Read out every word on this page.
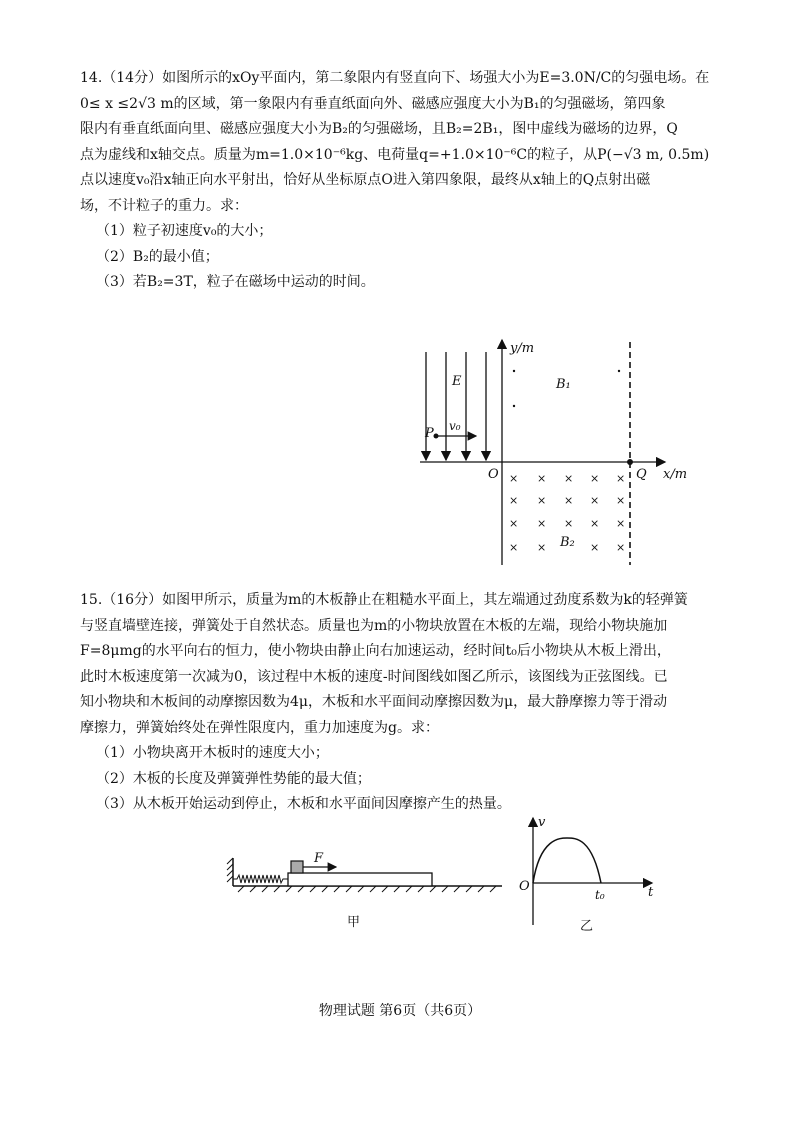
14.（14分）如图所示的xOy平面内，第二象限内有竖直向下、场强大小为E=3.0N/C的匀强电场。在
0≤ x ≤2√3 m的区域，第一象限内有垂直纸面向外、磁感应强度大小为B₁的匀强磁场，第四象
限内有垂直纸面向里、磁感应强度大小为B₂的匀强磁场，且B₂=2B₁，图中虚线为磁场的边界，Q
点为虚线和x轴交点。质量为m=1.0×10⁻⁶kg、电荷量q=+1.0×10⁻⁶C的粒子，从P(−√3 m, 0.5m)
点以速度v₀沿x轴正向水平射出，恰好从坐标原点O进入第四象限，最终从x轴上的Q点射出磁
场，不计粒子的重力。求：
（1）粒子初速度v₀的大小；
（2）B₂的最小值；
（3）若B₂=3T，粒子在磁场中运动的时间。
y/m
x/m
E
P v₀
O	Q
B₁
B₂
× × × × ×
× × × × ×
× × × × ×
× ×	× ×
15.（16分）如图甲所示，质量为m的木板静止在粗糙水平面上，其左端通过劲度系数为k的轻弹簧
与竖直墙壁连接，弹簧处于自然状态。质量也为m的小物块放置在木板的左端，现给小物块施加
F=8μmg的水平向右的恒力，使小物块由静止向右加速运动，经时间t₀后小物块从木板上滑出，
此时木板速度第一次减为0，该过程中木板的速度-时间图线如图乙所示，该图线为正弦图线。已
知小物块和木板间的动摩擦因数为4μ，木板和水平面间动摩擦因数为μ，最大静摩擦力等于滑动
摩擦力，弹簧始终处在弹性限度内，重力加速度为g。求：
（1）小物块离开木板时的速度大小；
（2）木板的长度及弹簧弹性势能的最大值；
（3）从木板开始运动到停止，木板和水平面间因摩擦产生的热量。
F
甲
v
O
t₀	t
乙
物理试题 第6页（共6页）
